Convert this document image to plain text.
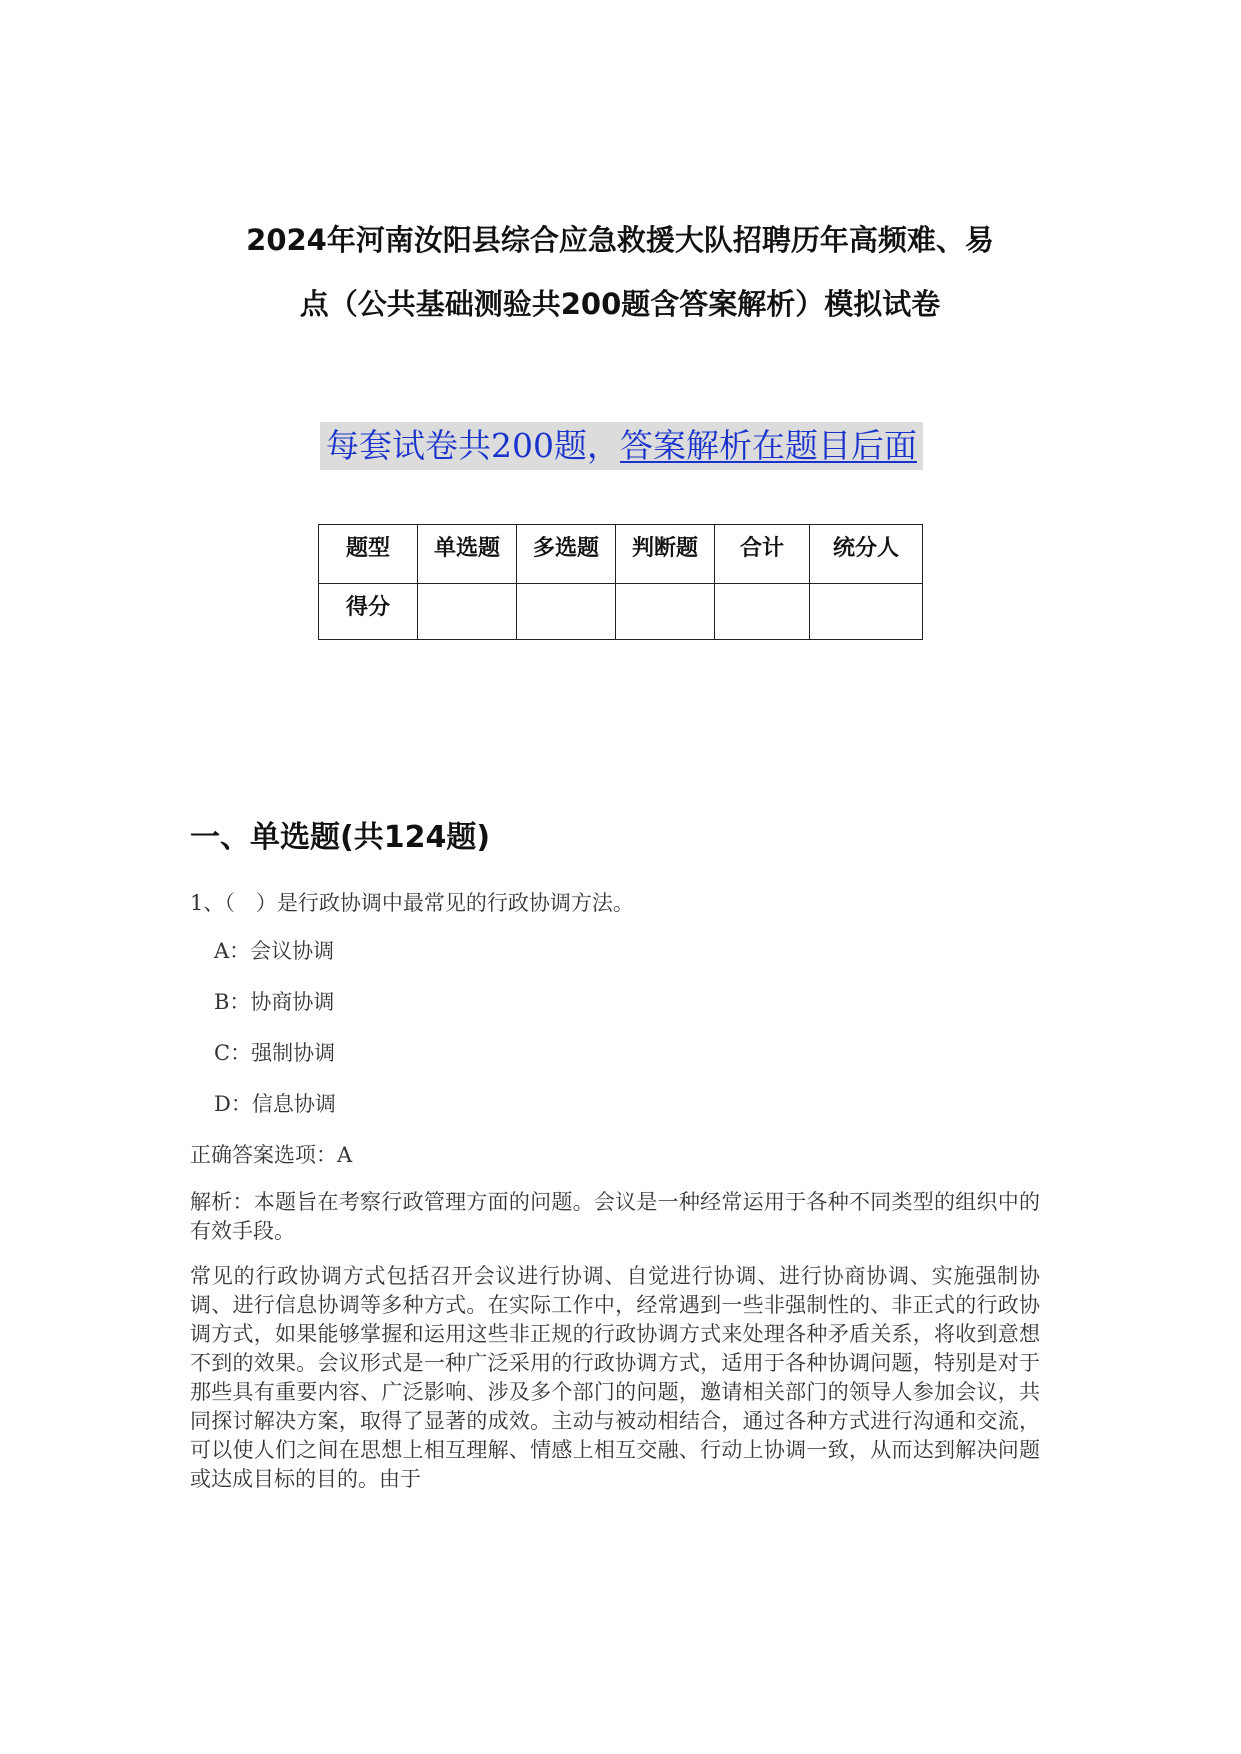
2024年河南汝阳县综合应急救援大队招聘历年高频难、易
点（公共基础测验共200题含答案解析）模拟试卷
每套试卷共200题，答案解析在题目后面
题型	单选题	多选题	判断题	合计	统分人
得分					
一、单选题(共124题)
1、（　）是行政协调中最常见的行政协调方法。
A：会议协调
B：协商协调
C：强制协调
D：信息协调
正确答案选项：A
解析：本题旨在考察行政管理方面的问题。会议是一种经常运用于各种不同类型的组织中的有效手段。
常见的行政协调方式包括召开会议进行协调、自觉进行协调、进行协商协调、实施强制协调、进行信息协调等多种方式。在实际工作中，经常遇到一些非强制性的、非正式的行政协调方式，如果能够掌握和运用这些非正规的行政协调方式来处理各种矛盾关系，将收到意想不到的效果。会议形式是一种广泛采用的行政协调方式，适用于各种协调问题，特别是对于那些具有重要内容、广泛影响、涉及多个部门的问题，邀请相关部门的领导人参加会议，共同探讨解决方案，取得了显著的成效。主动与被动相结合，通过各种方式进行沟通和交流，可以使人们之间在思想上相互理解、情感上相互交融、行动上协调一致，从而达到解决问题或达成目标的目的。由于
